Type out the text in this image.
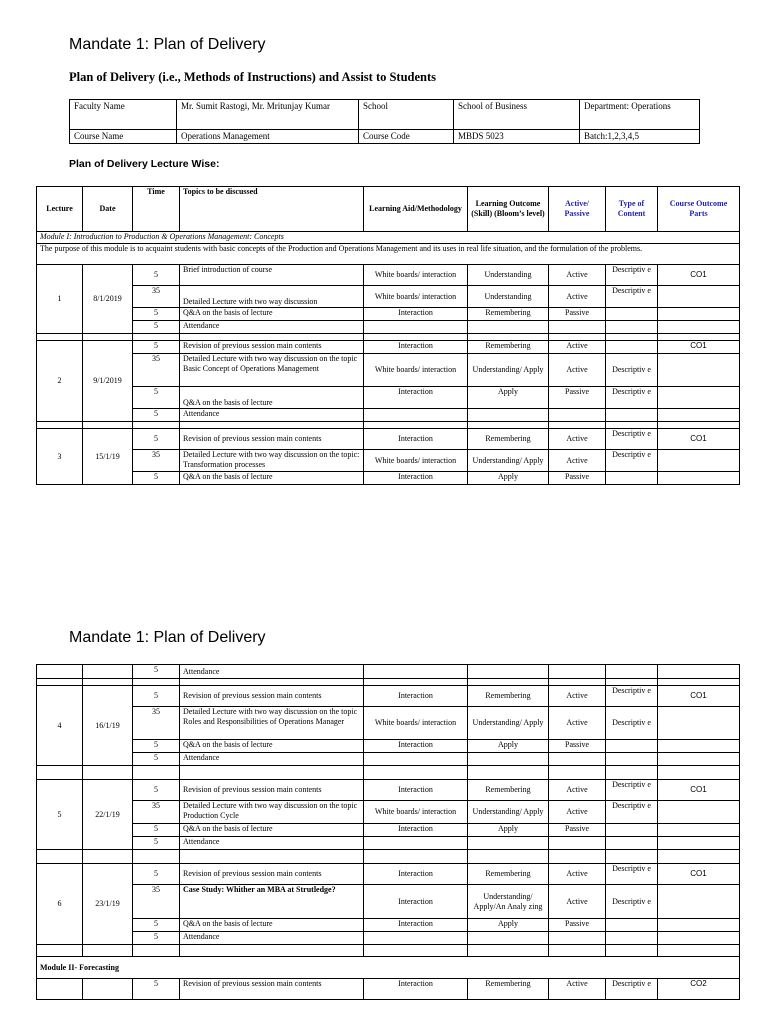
Mandate 1: Plan of Delivery

Plan of Delivery (i.e., Methods of Instructions) and Assist to Students

Faculty Name	Mr. Sumit Rastogi, Mr. Mritunjay Kumar	School	School of Business	Department: Operations
Course Name	Operations Management	Course Code	MBDS 5023	Batch:1,2,3,4,5

Plan of Delivery Lecture Wise:

Lecture	Date	Time	Topics to be discussed	Learning Aid/Methodology	Learning Outcome (Skill) (Bloom’s level)	Active/ Passive	Type of Content	Course Outcome Parts
Module I: Introduction to Production & Operations Management: Concepts								
The purpose of this module is to acquaint students with basic concepts of the Production and Operations Management and its uses in real life situation, and the formulation of the problems.								
1	8/1/2019	5	Brief introduction of course	White boards/ interaction	Understanding	Active	Descriptiv e	CO1
		35	Detailed Lecture with two way discussion	White boards/ interaction	Understanding	Active	Descriptiv e	
		5	Q&A on the basis of lecture	Interaction	Remembering	Passive		
		5	Attendance					

2	9/1/2019	5	Revision of previous session main contents	Interaction	Remembering	Active		CO1
		35	Detailed Lecture with two way discussion on the topic Basic Concept of Operations Management	White boards/ interaction	Understanding/ Apply	Active	Descriptiv e	
		5	Q&A on the basis of lecture	Interaction	Apply	Passive	Descriptiv e	
		5	Attendance					

3	15/1/19	5	Revision of previous session main contents	Interaction	Remembering	Active	Descriptiv e	CO1
		35	Detailed Lecture with two way discussion on the topic: Transformation processes	White boards/ interaction	Understanding/ Apply	Active	Descriptiv e	
		5	Q&A on the basis of lecture	Interaction	Apply	Passive		
Mandate 1: Plan of Delivery
		5	Attendance					

4	16/1/19	5	Revision of previous session main contents	Interaction	Remembering	Active	Descriptiv e	CO1
		35	Detailed Lecture with two way discussion on the topic Roles and Responsibilities of Operations Manager	White boards/ interaction	Understanding/ Apply	Active	Descriptiv e	
		5	Q&A on the basis of lecture	Interaction	Apply	Passive		
		5	Attendance					

5	22/1/19	5	Revision of previous session main contents	Interaction	Remembering	Active	Descriptiv e	CO1
		35	Detailed Lecture with two way discussion on the topic Production Cycle	White boards/ interaction	Understanding/ Apply	Active	Descriptiv e	
		5	Q&A on the basis of lecture	Interaction	Apply	Passive		
		5	Attendance					

6	23/1/19	5	Revision of previous session main contents	Interaction	Remembering	Active	Descriptiv e	CO1
		35	Case Study: Whither an MBA at Strutledge?	Interaction	Understanding/ Apply/An Analy zing	Active	Descriptiv e	
		5	Q&A on the basis of lecture	Interaction	Apply	Passive		
		5	Attendance					

Module II- Forecasting								
		5	Revision of previous session main contents	Interaction	Remembering	Active	Descriptiv e	CO2
